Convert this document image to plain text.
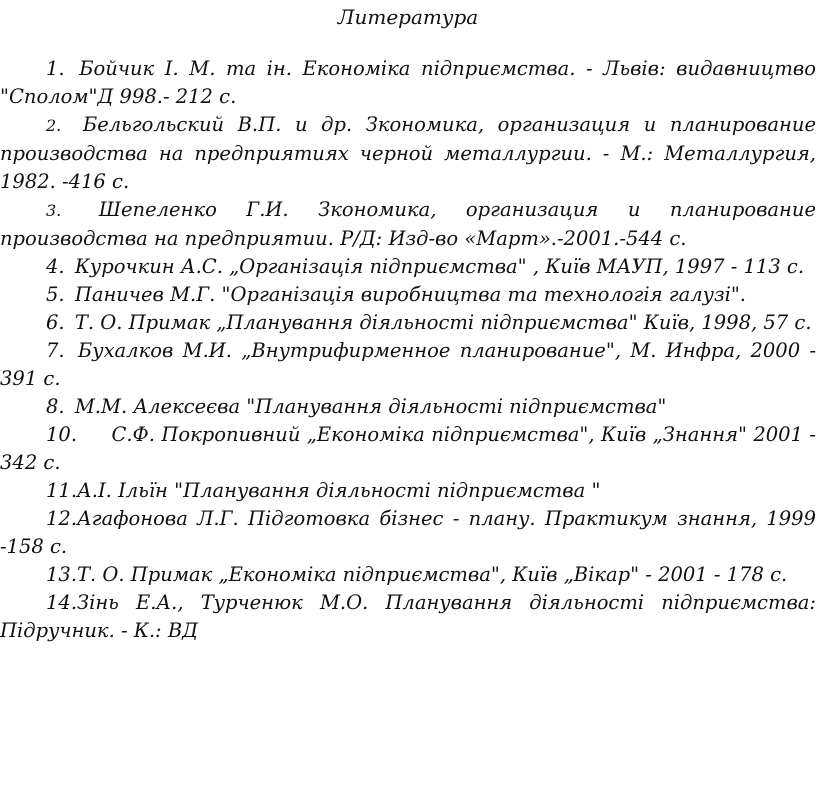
Литература

1. Бойчик І. М. та ін. Економіка підприємства. - Львів: видавництво "Сполом"Д 998.- 212 с.

2. Бельгольский В.П. и др. Зкономика, организация и планирование производства на предприятиях черной металлургии. - М.: Металлургия, 1982. -416 с.

3. Шепеленко Г.И. Зкономика, организация и планирование производства на предприятии. Р/Д: Изд-во «Март».-2001.-544 с.

4. Курочкин А.С. „Організація підприємства" , Київ МАУП, 1997 - 113 с.

5. Паничев М.Г. "Організація виробництва та технологія галузі".

6. Т. О. Примак „Планування діяльності підприємства" Київ, 1998, 57 с.

7. Бухалков М.И. „Внутрифирменное планирование", М. Инфра, 2000 - 391 с.

8. М.М. Алексеєва "Планування діяльності підприємства"

10. С.Ф. Покропивний „Економіка підприємства", Київ „Знання" 2001 - 342 с.

11.А.І. Ільїн "Планування діяльності підприємства "

12.Агафонова Л.Г. Підготовка бізнес - плану. Практикум знання, 1999 -158 с.

13.Т. О. Примак „Економіка підприємства", Київ „Вікар" - 2001 - 178 с.

14.Зінь Е.А., Турченюк М.О. Планування діяльності підприємства: Підручник. - К.: ВД
